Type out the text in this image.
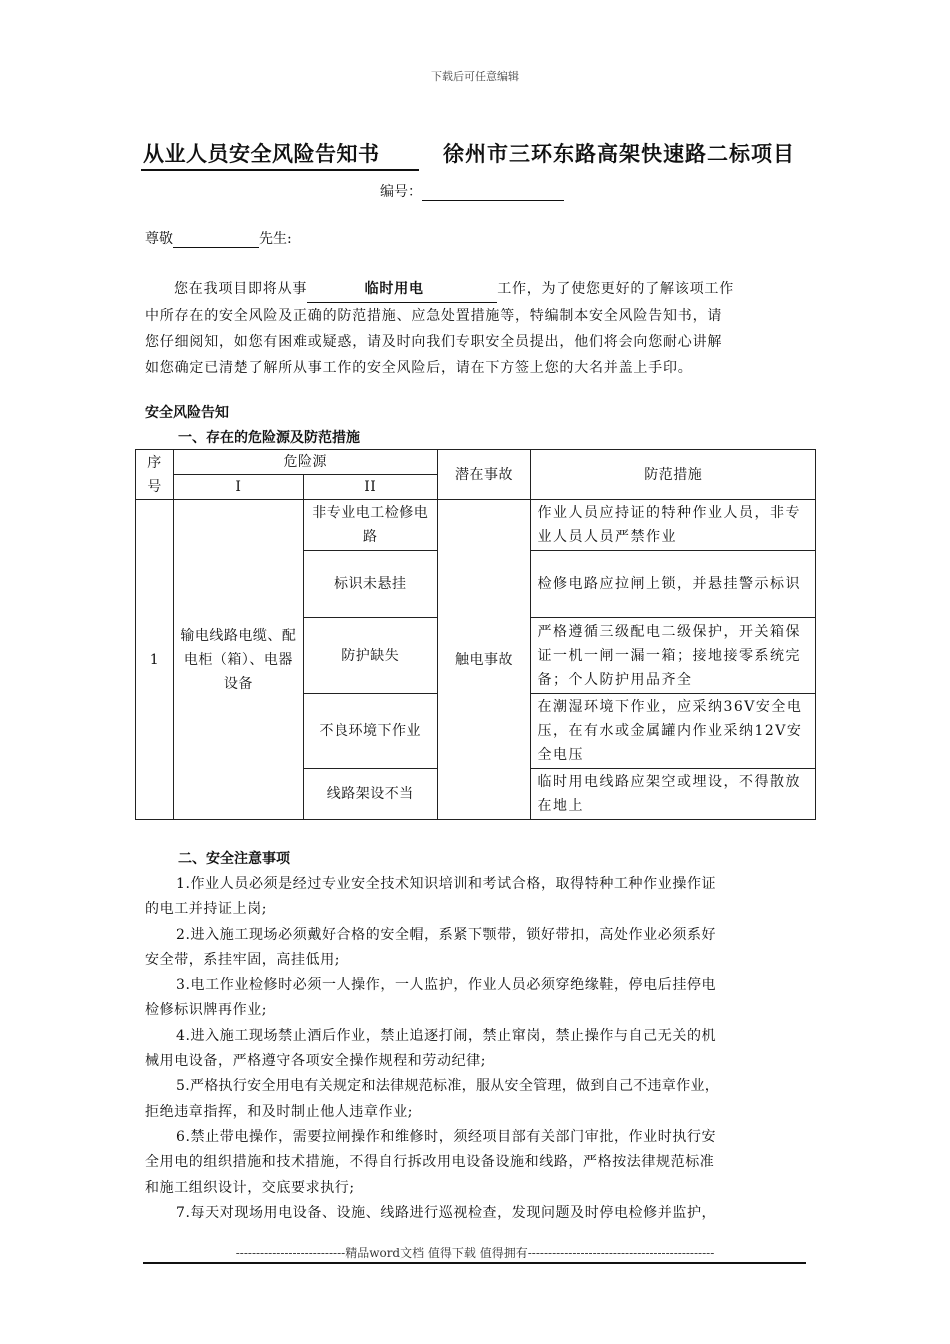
下载后可任意编辑
从业人员安全风险告知书	徐州市三环东路高架快速路二标项目
编号：
尊敬	先生:
您在我项目即将从事	临时用电	工作，为了使您更好的了解该项工作
中所存在的安全风险及正确的防范措施、应急处置措施等，特编制本安全风险告知书，请
您仔细阅知，如您有困难或疑惑，请及时向我们专职安全员提出，他们将会向您耐心讲解
如您确定已清楚了解所从事工作的安全风险后，请在下方签上您的大名并盖上手印。
安全风险告知
一、存在的危险源及防范措施
序号	危险源		潜在事故	防范措施
	I	II		
1	输电线路电缆、配电柜（箱）、电器设备	非专业电工检修电路	触电事故	作业人员应持证的特种作业人员，非专业人员人员严禁作业
		标识未悬挂		检修电路应拉闸上锁，并悬挂警示标识
		防护缺失		严格遵循三级配电二级保护，开关箱保证一机一闸一漏一箱；接地接零系统完备；个人防护用品齐全
		不良环境下作业		在潮湿环境下作业，应采纳36V安全电压，在有水或金属罐内作业采纳12V安全电压
		线路架设不当		临时用电线路应架空或埋设，不得散放在地上
二、安全注意事项
1.作业人员必须是经过专业安全技术知识培训和考试合格，取得特种工种作业操作证
的电工并持证上岗;
2.进入施工现场必须戴好合格的安全帽，系紧下颚带，锁好带扣，高处作业必须系好
安全带，系挂牢固，高挂低用;
3.电工作业检修时必须一人操作，一人监护，作业人员必须穿绝缘鞋，停电后挂停电
检修标识牌再作业;
4.进入施工现场禁止酒后作业，禁止追逐打闹，禁止窜岗，禁止操作与自己无关的机
械用电设备，严格遵守各项安全操作规程和劳动纪律;
5.严格执行安全用电有关规定和法律规范标准，服从安全管理，做到自己不违章作业，
拒绝违章指挥，和及时制止他人违章作业;
6.禁止带电操作，需要拉闸操作和维修时，须经项目部有关部门审批，作业时执行安
全用电的组织措施和技术措施，不得自行拆改用电设备设施和线路，严格按法律规范标准
和施工组织设计，交底要求执行;
7.每天对现场用电设备、设施、线路进行巡视检查，发现问题及时停电检修并监护，
---------------------------精品word文档 值得下载 值得拥有----------------------------------------------
